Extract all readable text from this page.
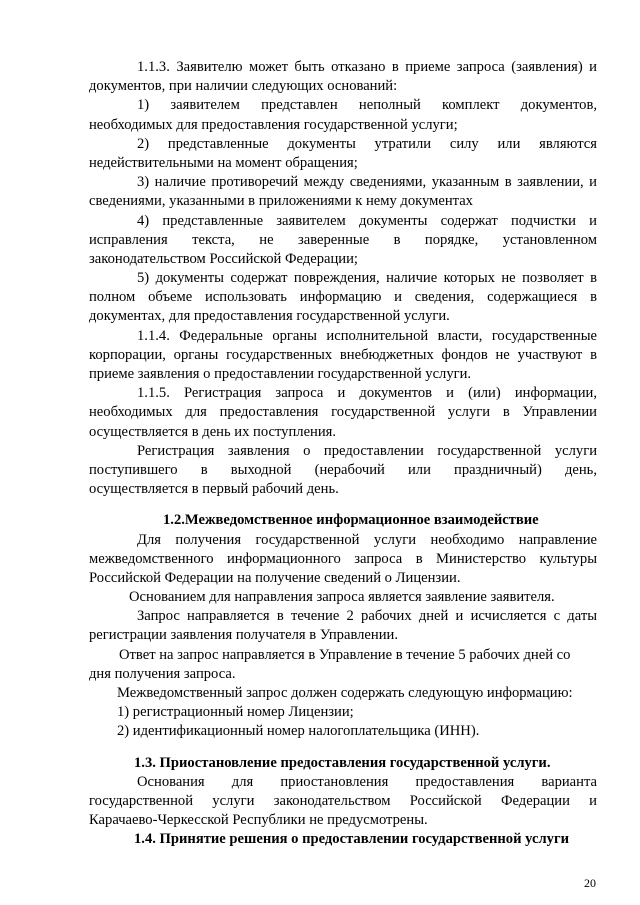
1.1.3. Заявителю может быть отказано в приеме запроса (заявления) и
документов, при наличии следующих оснований:
1) заявителем представлен неполный комплект документов,
необходимых для предоставления государственной услуги;
2) представленные документы утратили силу или являются
недействительными на момент обращения;
3) наличие противоречий между сведениями, указанным в заявлении, и
сведениями, указанными в приложениями к нему документах
4) представленные заявителем документы содержат подчистки и
исправления текста, не заверенные в порядке, установленном
законодательством Российской Федерации;
5) документы содержат повреждения, наличие которых не позволяет в
полном объеме использовать информацию и сведения, содержащиеся в
документах, для предоставления государственной услуги.
1.1.4. Федеральные органы исполнительной власти, государственные
корпорации, органы государственных внебюджетных фондов не участвуют в
приеме заявления о предоставлении государственной услуги.
1.1.5. Регистрация запроса и документов и (или) информации,
необходимых для предоставления государственной услуги в Управлении
осуществляется в день их поступления.
Регистрация заявления о предоставлении государственной услуги
поступившего в выходной (нерабочий или праздничный) день,
осуществляется в первый рабочий день.
1.2.Межведомственное информационное взаимодействие
Для получения государственной услуги необходимо направление
межведомственного информационного запроса в Министерство культуры
Российской Федерации на получение сведений о Лицензии.
Основанием для направления запроса является заявление заявителя.
Запрос направляется в течение 2 рабочих дней и исчисляется с даты
регистрации заявления получателя в Управлении.
Ответ на запрос направляется в Управление в течение 5 рабочих дней со
дня получения запроса.
Межведомственный запрос должен содержать следующую информацию:
1) регистрационный номер Лицензии;
2) идентификационный номер налогоплательщика (ИНН).
1.3. Приостановление предоставления государственной услуги.
Основания для приостановления предоставления варианта
государственной услуги законодательством Российской Федерации и
Карачаево-Черкесской Республики не предусмотрены.
1.4. Принятие решения о предоставлении государственной услуги
20
